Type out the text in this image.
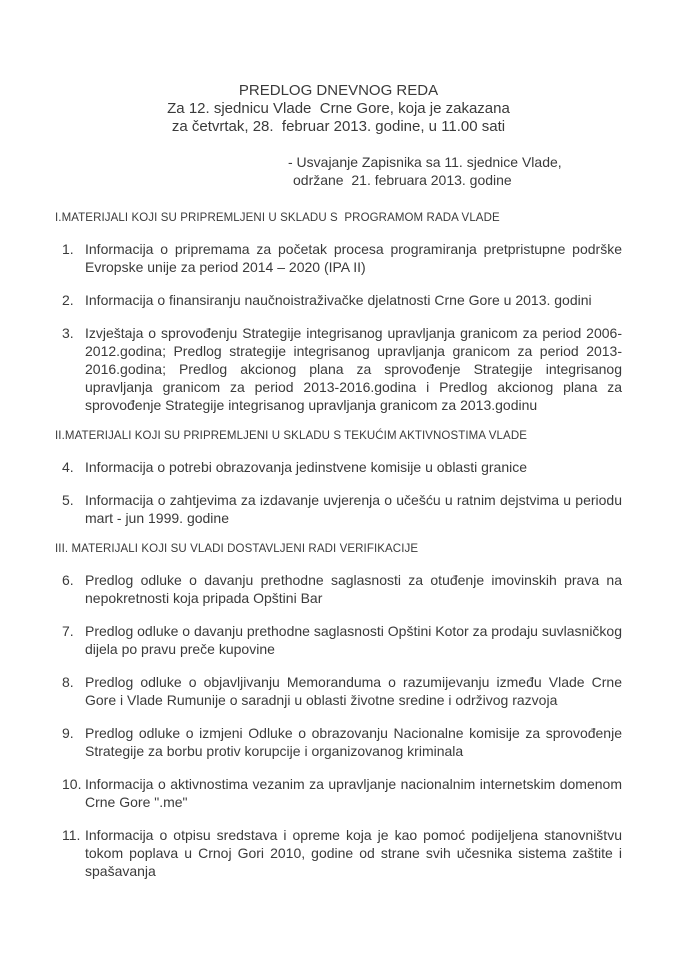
PREDLOG DNEVNOG REDA
Za 12. sjednicu Vlade  Crne Gore, koja je zakazana
za četvrtak, 28.  februar 2013. godine, u 11.00 sati
- Usvajanje Zapisnika sa 11. sjednice Vlade,
održane  21. februara 2013. godine
I.MATERIJALI KOJI SU PRIPREMLJENI U SKLADU S  PROGRAMOM RADA VLADE
1. Informacija o pripremama za početak procesa programiranja pretpristupne podrške Evropske unije za period 2014 – 2020 (IPA II)
2. Informacija o finansiranju naučnoistraživačke djelatnosti Crne Gore u 2013. godini
3. Izvještaja o sprovođenju Strategije integrisanog upravljanja granicom za period 2006-2012.godina; Predlog strategije integrisanog upravljanja granicom za period 2013-2016.godina; Predlog akcionog plana za sprovođenje Strategije integrisanog upravljanja granicom za period 2013-2016.godina i Predlog akcionog plana za sprovođenje Strategije integrisanog upravljanja granicom za 2013.godinu
II.MATERIJALI KOJI SU PRIPREMLJENI U SKLADU S TEKUĆIM AKTIVNOSTIMA VLADE
4. Informacija o potrebi obrazovanja jedinstvene komisije u oblasti granice
5. Informacija o zahtjevima za izdavanje uvjerenja o učešću u ratnim dejstvima u periodu mart - jun 1999. godine
III. MATERIJALI KOJI SU VLADI DOSTAVLJENI RADI VERIFIKACIJE
6. Predlog odluke o davanju prethodne saglasnosti za otuđenje imovinskih prava na nepokretnosti koja pripada Opštini Bar
7. Predlog odluke o davanju prethodne saglasnosti Opštini Kotor za prodaju suvlasničkog dijela po pravu preče kupovine
8. Predlog odluke o objavljivanju Memoranduma o razumijevanju između Vlade Crne Gore i Vlade Rumunije o saradnji u oblasti životne sredine i održivog razvoja
9. Predlog odluke o izmjeni Odluke o obrazovanju Nacionalne komisije za sprovođenje Strategije za borbu protiv korupcije i organizovanog kriminala
10. Informacija o aktivnostima vezanim za upravljanje nacionalnim internetskim domenom Crne Gore ".me"
11. Informacija o otpisu sredstava i opreme koja je kao pomoć podijeljena stanovništvu tokom poplava u Crnoj Gori 2010, godine od strane svih učesnika sistema zaštite i spašavanja
